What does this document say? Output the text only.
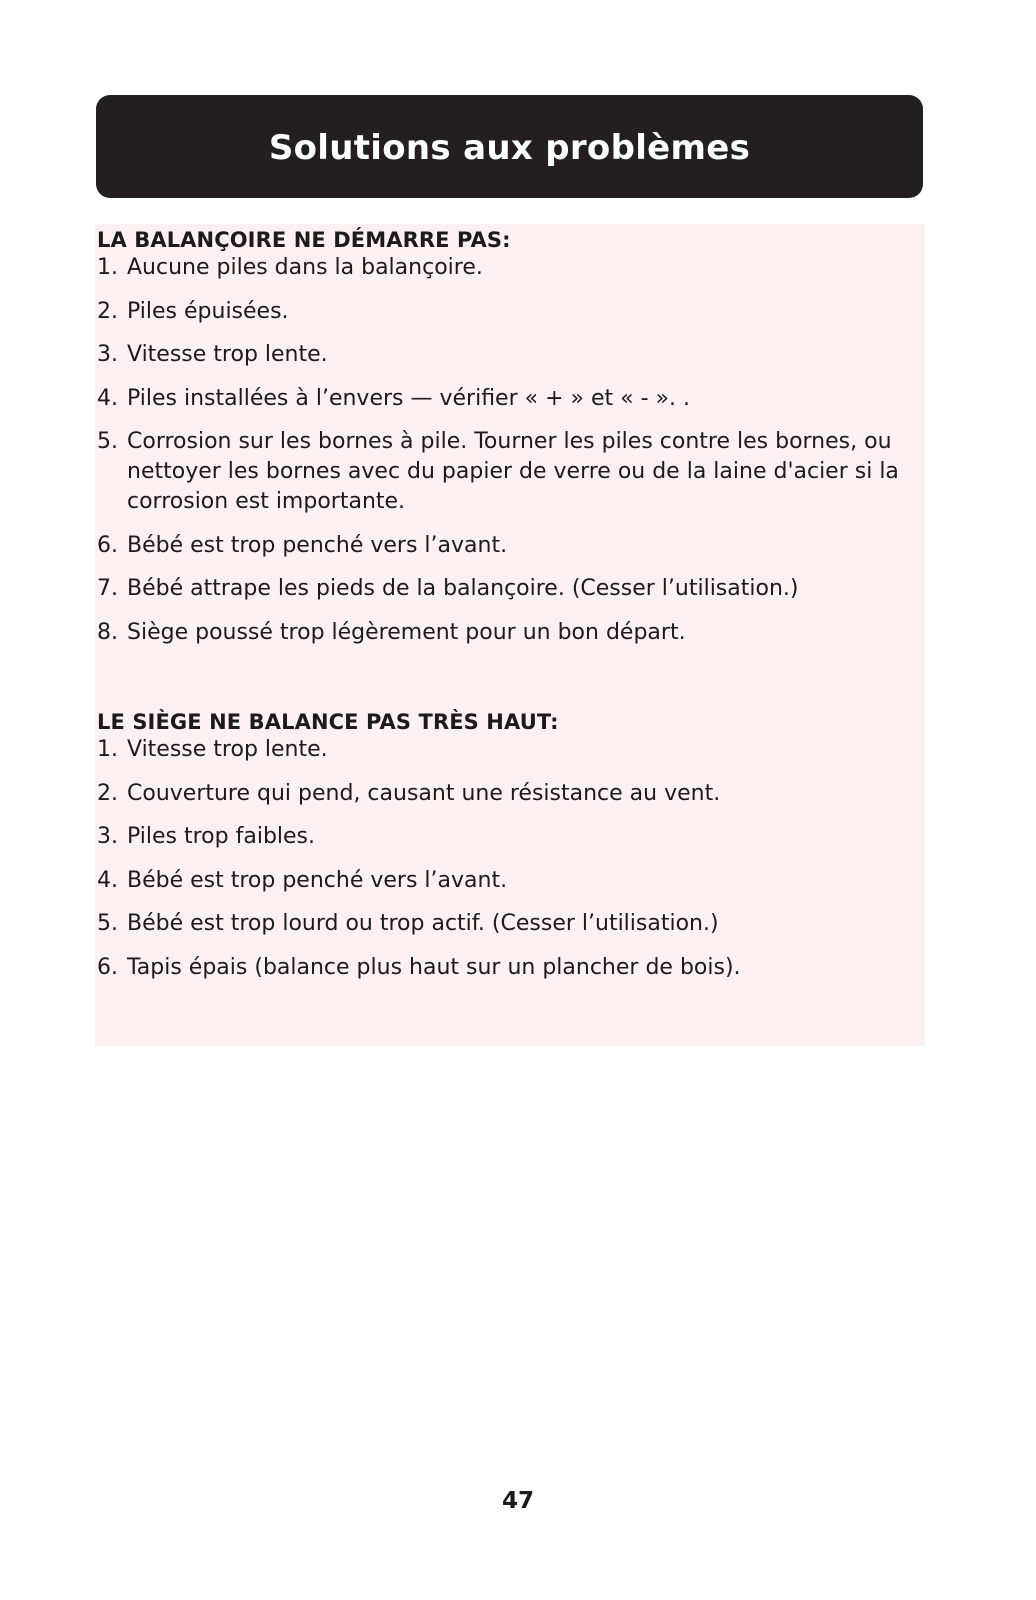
Solutions aux problèmes
LA BALANÇOIRE NE DÉMARRE PAS:
1. Aucune piles dans la balançoire.
2. Piles épuisées.
3. Vitesse trop lente.
4. Piles installées à l’envers — vérifier « + » et « - ». .
5. Corrosion sur les bornes à pile. Tourner les piles contre les bornes, ou nettoyer les bornes avec du papier de verre ou de la laine d'acier si la corrosion est importante.
6. Bébé est trop penché vers l’avant.
7. Bébé attrape les pieds de la balançoire. (Cesser l’utilisation.)
8. Siège poussé trop légèrement pour un bon départ.
LE SIÈGE NE BALANCE PAS TRÈS HAUT:
1. Vitesse trop lente.
2. Couverture qui pend, causant une résistance au vent.
3. Piles trop faibles.
4. Bébé est trop penché vers l’avant.
5. Bébé est trop lourd ou trop actif. (Cesser l’utilisation.)
6. Tapis épais (balance plus haut sur un plancher de bois).
47
